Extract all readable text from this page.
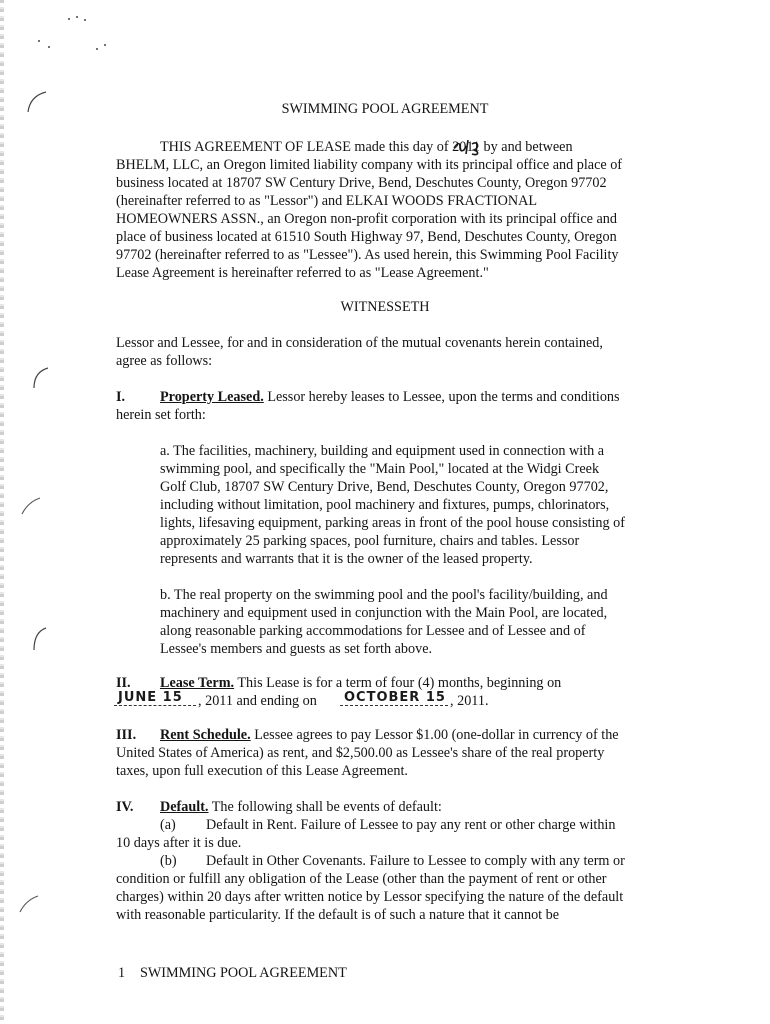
SWIMMING POOL AGREEMENT

THIS AGREEMENT OF LEASE made this day of 2011 by and between

BHELM, LLC, an Oregon limited liability company with its principal office and place of

business located at 18707 SW Century Drive, Bend, Deschutes County, Oregon 97702

(hereinafter referred to as "Lessor") and ELKAI WOODS FRACTIONAL

HOMEOWNERS ASSN., an Oregon non-profit corporation with its principal office and

place of business located at 61510 South Highway 97, Bend, Deschutes County, Oregon

97702 (hereinafter referred to as "Lessee"). As used herein, this Swimming Pool Facility

Lease Agreement is hereinafter referred to as "Lease Agreement."

WITNESSETH

Lessor and Lessee, for and in consideration of the mutual covenants herein contained,

agree as follows:

I. Property Leased. Lessor hereby leases to Lessee, upon the terms and conditions

herein set forth:

a. The facilities, machinery, building and equipment used in connection with a

swimming pool, and specifically the "Main Pool," located at the Widgi Creek

Golf Club, 18707 SW Century Drive, Bend, Deschutes County, Oregon 97702,

including without limitation, pool machinery and fixtures, pumps, chlorinators,

lights, lifesaving equipment, parking areas in front of the pool house consisting of

approximately 25 parking spaces, pool furniture, chairs and tables. Lessor

represents and warrants that it is the owner of the leased property.

b. The real property on the swimming pool and the pool's facility/building, and

machinery and equipment used in conjunction with the Main Pool, are located,

along reasonable parking accommodations for Lessee and of Lessee and of

Lessee's members and guests as set forth above.

II. Lease Term. This Lease is for a term of four (4) months, beginning on

JUNE 15 , 2011 and ending on OCTOBER 15 , 2011.

III. Rent Schedule. Lessee agrees to pay Lessor $1.00 (one-dollar in currency of the

United States of America) as rent, and $2,500.00 as Lessee's share of the real property

taxes, upon full execution of this Lease Agreement.

IV. Default. The following shall be events of default:

(a) Default in Rent. Failure of Lessee to pay any rent or other charge within

10 days after it is due.

(b) Default in Other Covenants. Failure to Lessee to comply with any term or

condition or fulfill any obligation of the Lease (other than the payment of rent or other

charges) within 20 days after written notice by Lessor specifying the nature of the default

with reasonable particularity. If the default is of such a nature that it cannot be

1 SWIMMING POOL AGREEMENT
